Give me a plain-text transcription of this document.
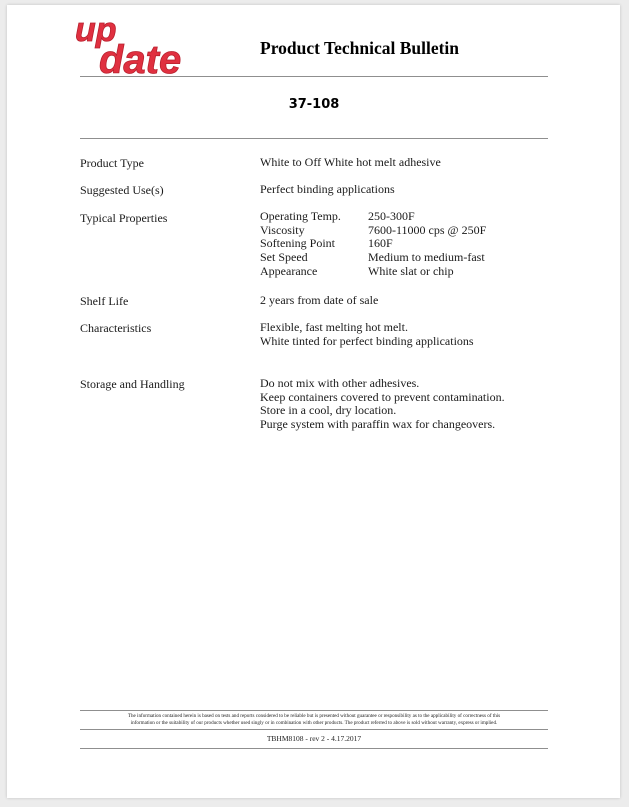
up
date	Product Technical Bulletin
37-108
Product Type	White to Off White hot melt adhesive
Suggested Use(s)	Perfect binding applications
Typical Properties	Operating Temp.	250-300F
Viscosity	7600-11000 cps @ 250F
Softening Point	160F
Set Speed	Medium to medium-fast
Appearance	White slat or chip
Shelf Life	2 years from date of sale
Characteristics	Flexible, fast melting hot melt.
White tinted for perfect binding applications
Storage and Handling	Do not mix with other adhesives.
Keep containers covered to prevent contamination.
Store in a cool, dry location.
Purge system with paraffin wax for changeovers.
The information contained herein is based on tests and reports considered to be reliable but is presented without guarantee or responsibility as to the applicability of correctness of this
information or the suitability of our products whether used singly or in combination with other products. The product referred to above is sold without warranty, express or implied.
TBHM8108 - rev 2 - 4.17.2017
